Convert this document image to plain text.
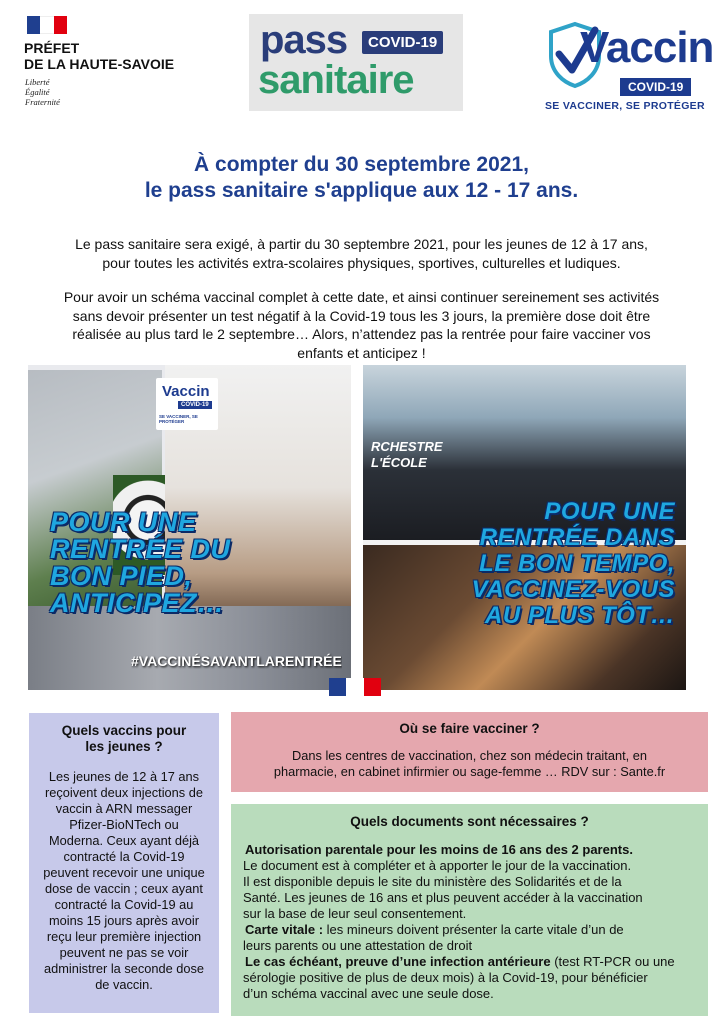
PRÉFET
DE LA HAUTE-SAVOIE
Liberté
Égalité
Fraternité
pass	COVID-19
sanitaire
Vaccin
COVID-19
SE VACCINER, SE PROTÉGER
À compter du 30 septembre 2021,
le pass sanitaire s'applique aux 12 - 17 ans.
Le pass sanitaire sera exigé, à partir du 30 septembre 2021, pour les jeunes de 12 à 17 ans,
pour toutes les activités extra-scolaires physiques, sportives, culturelles et ludiques.
Pour avoir un schéma vaccinal complet à cette date, et ainsi continuer sereinement ses activités
sans devoir présenter un test négatif à la Covid-19 tous les 3 jours, la première dose doit être
réalisée au plus tard le 2 septembre… Alors, n’attendez pas la rentrée pour faire vacciner vos
enfants et anticipez !
Vaccin
COVID-19
SE VACCINER, SE PROTÉGER
RCHESTRE
L'ÉCOLE
POUR UNE
RENTRÉE DU
BON PIED,
ANTICIPEZ…
POUR UNE
RENTRÉE DANS
LE BON TEMPO,
VACCINEZ-VOUS
AU PLUS TÔT…
#VACCINÉSAVANTLARENTRÉE
Quels vaccins pour
les jeunes ?
Les jeunes de 12 à 17 ans
reçoivent deux injections de
vaccin à ARN messager
Pfizer-BioNTech ou
Moderna. Ceux ayant déjà
contracté la Covid-19
peuvent recevoir une unique
dose de vaccin ; ceux ayant
contracté la Covid-19 au
moins 15 jours après avoir
reçu leur première injection
peuvent ne pas se voir
administrer la seconde dose
de vaccin.
Où se faire vacciner ?
Dans les centres de vaccination, chez son médecin traitant, en
pharmacie, en cabinet infirmier ou sage-femme … RDV sur : Sante.fr
Quels documents sont nécessaires ?

Autorisation parentale pour les moins de 16 ans des 2 parents.

Le document est à compléter et à apporter le jour de la vaccination.

Il est disponible depuis le site du ministère des Solidarités et de la

Santé. Les jeunes de 16 ans et plus peuvent accéder à la vaccination

sur la base de leur seul consentement.

Carte vitale : les mineurs doivent présenter la carte vitale d’un de

leurs parents ou une attestation de droit

Le cas échéant, preuve d’une infection antérieure (test RT-PCR ou une

sérologie positive de plus de deux mois) à la Covid-19, pour bénéficier

d’un schéma vaccinal avec une seule dose.
